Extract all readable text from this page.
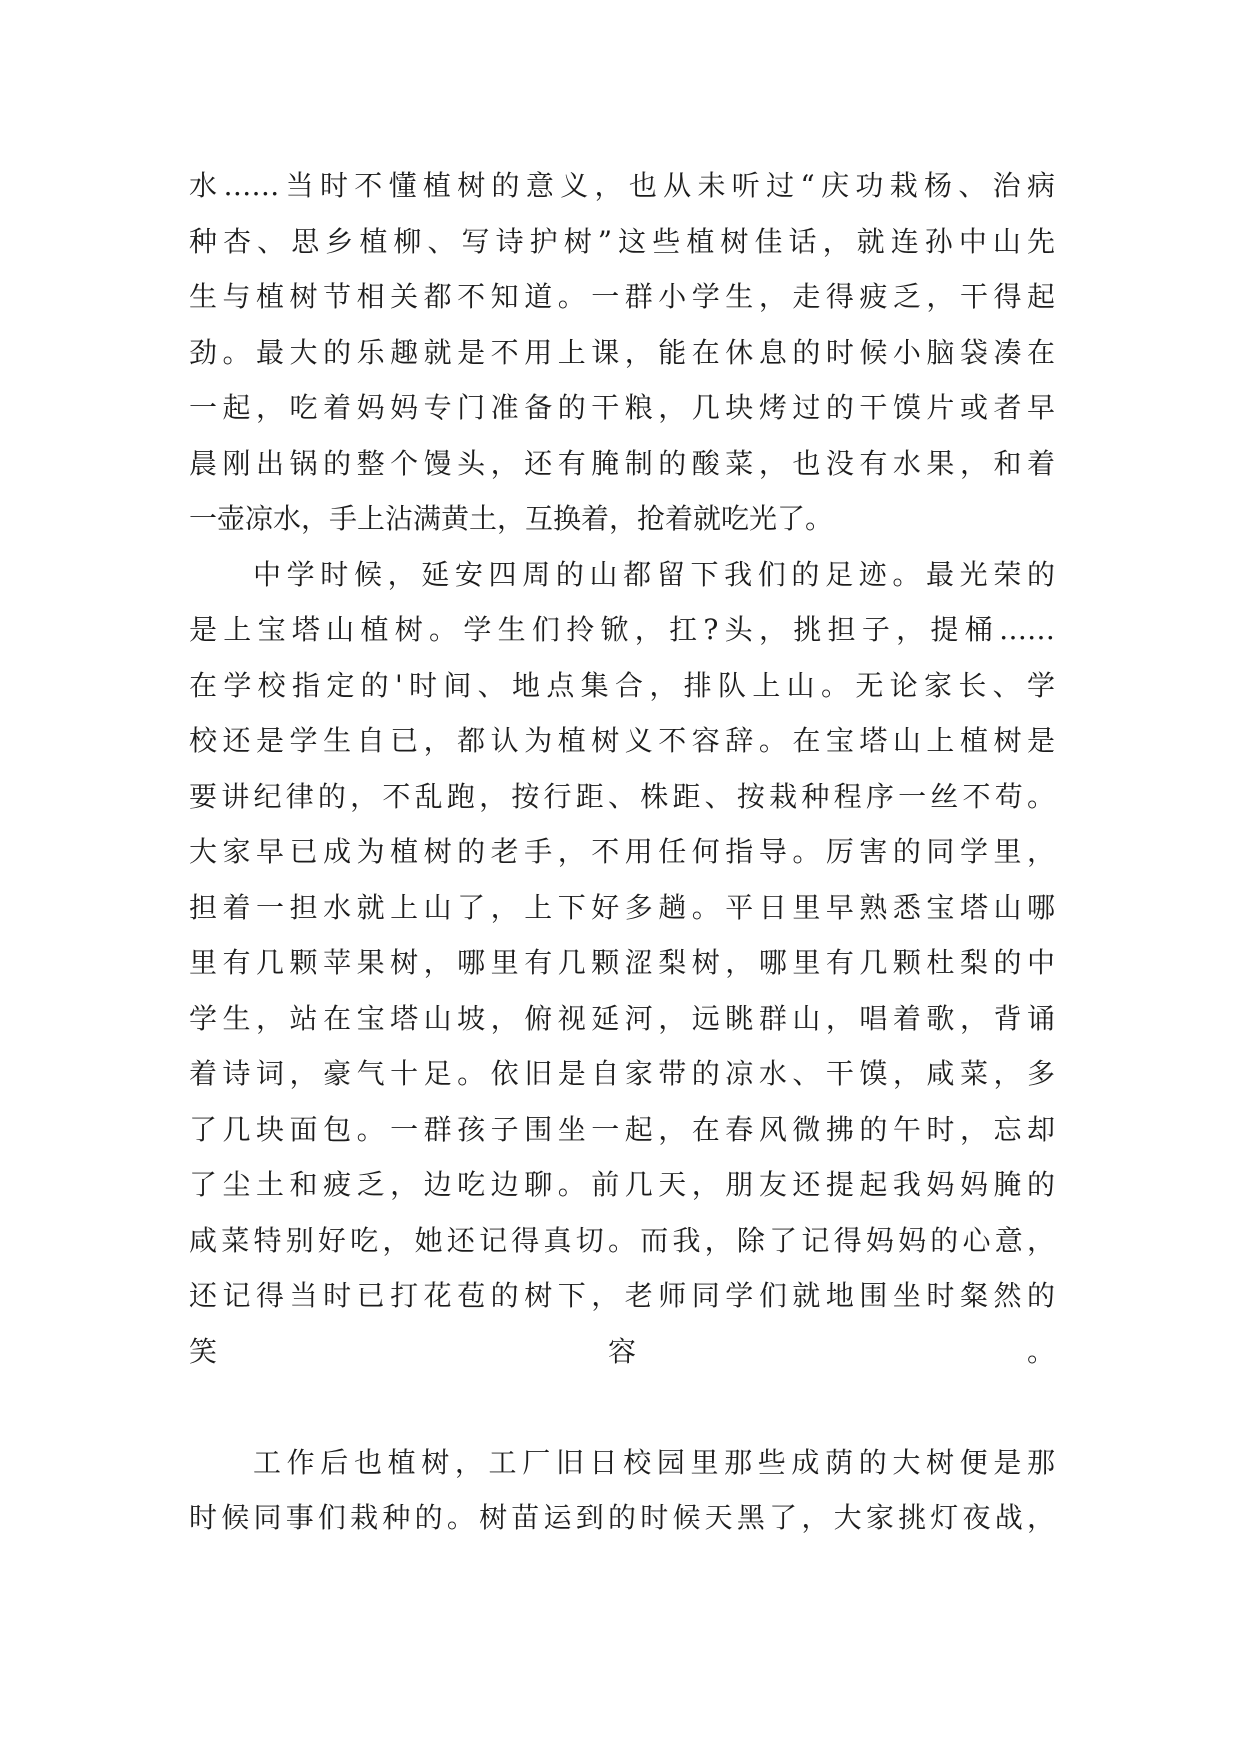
水……当时不懂植树的意义，也从未听过“庆功栽杨、治病
种杏、思乡植柳、写诗护树”这些植树佳话，就连孙中山先
生与植树节相关都不知道。一群小学生，走得疲乏，干得起
劲。最大的乐趣就是不用上课，能在休息的时候小脑袋凑在
一起，吃着妈妈专门准备的干粮，几块烤过的干馍片或者早
晨刚出锅的整个馒头，还有腌制的酸菜，也没有水果，和着
一壶凉水，手上沾满黄土，互换着，抢着就吃光了。
中学时候，延安四周的山都留下我们的足迹。最光荣的
是上宝塔山植树。学生们拎锨，扛?头，挑担子，提桶……
在学校指定的'时间、地点集合，排队上山。无论家长、学
校还是学生自已，都认为植树义不容辞。在宝塔山上植树是
要讲纪律的，不乱跑，按行距、株距、按栽种程序一丝不苟。
大家早已成为植树的老手，不用任何指导。厉害的同学里，
担着一担水就上山了，上下好多趟。平日里早熟悉宝塔山哪
里有几颗苹果树，哪里有几颗涩梨树，哪里有几颗杜梨的中
学生，站在宝塔山坡，俯视延河，远眺群山，唱着歌，背诵
着诗词，豪气十足。依旧是自家带的凉水、干馍，咸菜，多
了几块面包。一群孩子围坐一起，在春风微拂的午时，忘却
了尘土和疲乏，边吃边聊。前几天，朋友还提起我妈妈腌的
咸菜特别好吃，她还记得真切。而我，除了记得妈妈的心意，
还记得当时已打花苞的树下，老师同学们就地围坐时粲然的
笑容。
工作后也植树，工厂旧日校园里那些成荫的大树便是那
时候同事们栽种的。树苗运到的时候天黑了，大家挑灯夜战，
